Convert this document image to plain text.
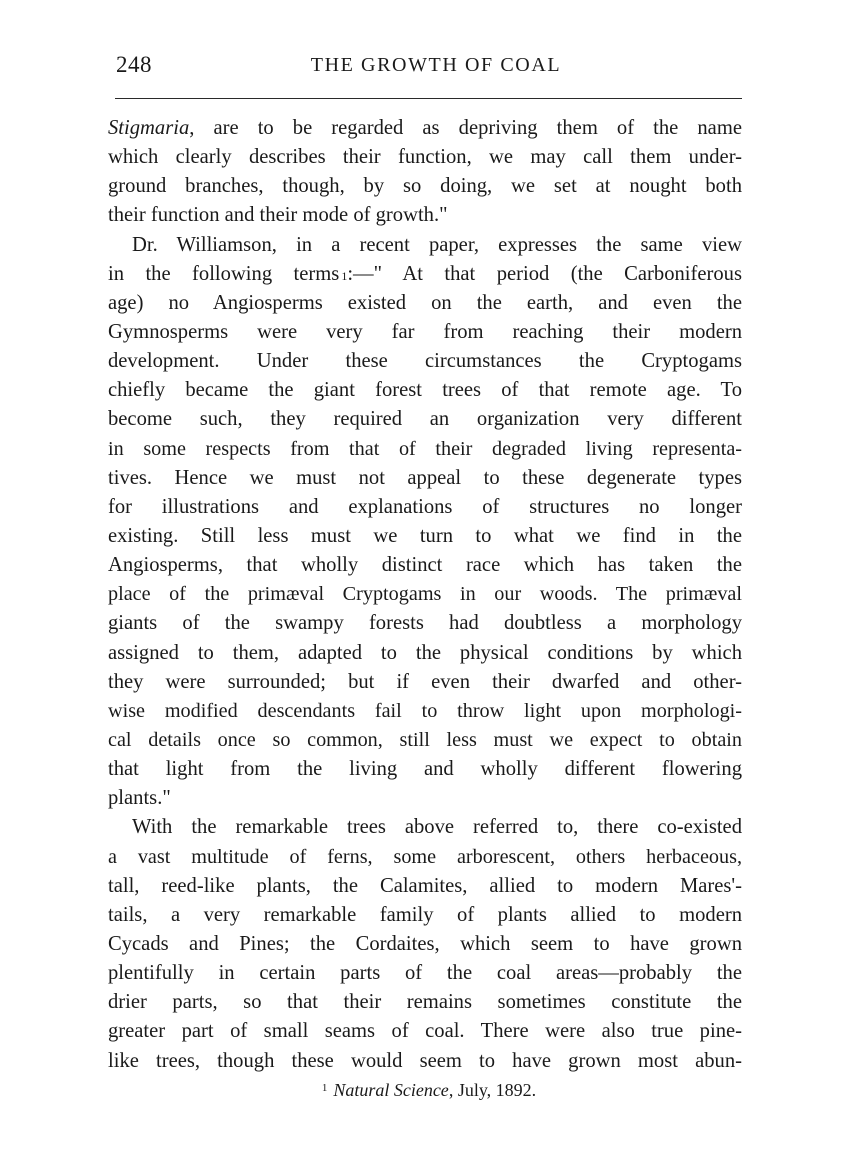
248	THE GROWTH OF COAL
Stigmaria, are to be regarded as depriving them of the name
which clearly describes their function, we may call them under-
ground branches, though, by so doing, we set at nought both
their function and their mode of growth."
Dr. Williamson, in a recent paper, expresses the same view
in the following terms $^1$:—" At that period (the Carboniferous
age) no Angiosperms existed on the earth, and even the
Gymnosperms were very far from reaching their modern
development. Under these circumstances the Cryptogams
chiefly became the giant forest trees of that remote age. To
become such, they required an organization very different
in some respects from that of their degraded living representa-
tives. Hence we must not appeal to these degenerate types
for illustrations and explanations of structures no longer
existing. Still less must we turn to what we find in the
Angiosperms, that wholly distinct race which has taken the
place of the primæval Cryptogams in our woods. The primæval
giants of the swampy forests had doubtless a morphology
assigned to them, adapted to the physical conditions by which
they were surrounded; but if even their dwarfed and other-
wise modified descendants fail to throw light upon morphologi-
cal details once so common, still less must we expect to obtain
that light from the living and wholly different flowering
plants."
With the remarkable trees above referred to, there co-existed
a vast multitude of ferns, some arborescent, others herbaceous,
tall, reed-like plants, the Calamites, allied to modern Mares'-
tails, a very remarkable family of plants allied to modern
Cycads and Pines; the Cordaites, which seem to have grown
plentifully in certain parts of the coal areas—probably the
drier parts, so that their remains sometimes constitute the
greater part of small seams of coal. There were also true pine-
like trees, though these would seem to have grown most abun-
$^1$ Natural Science, July, 1892.
